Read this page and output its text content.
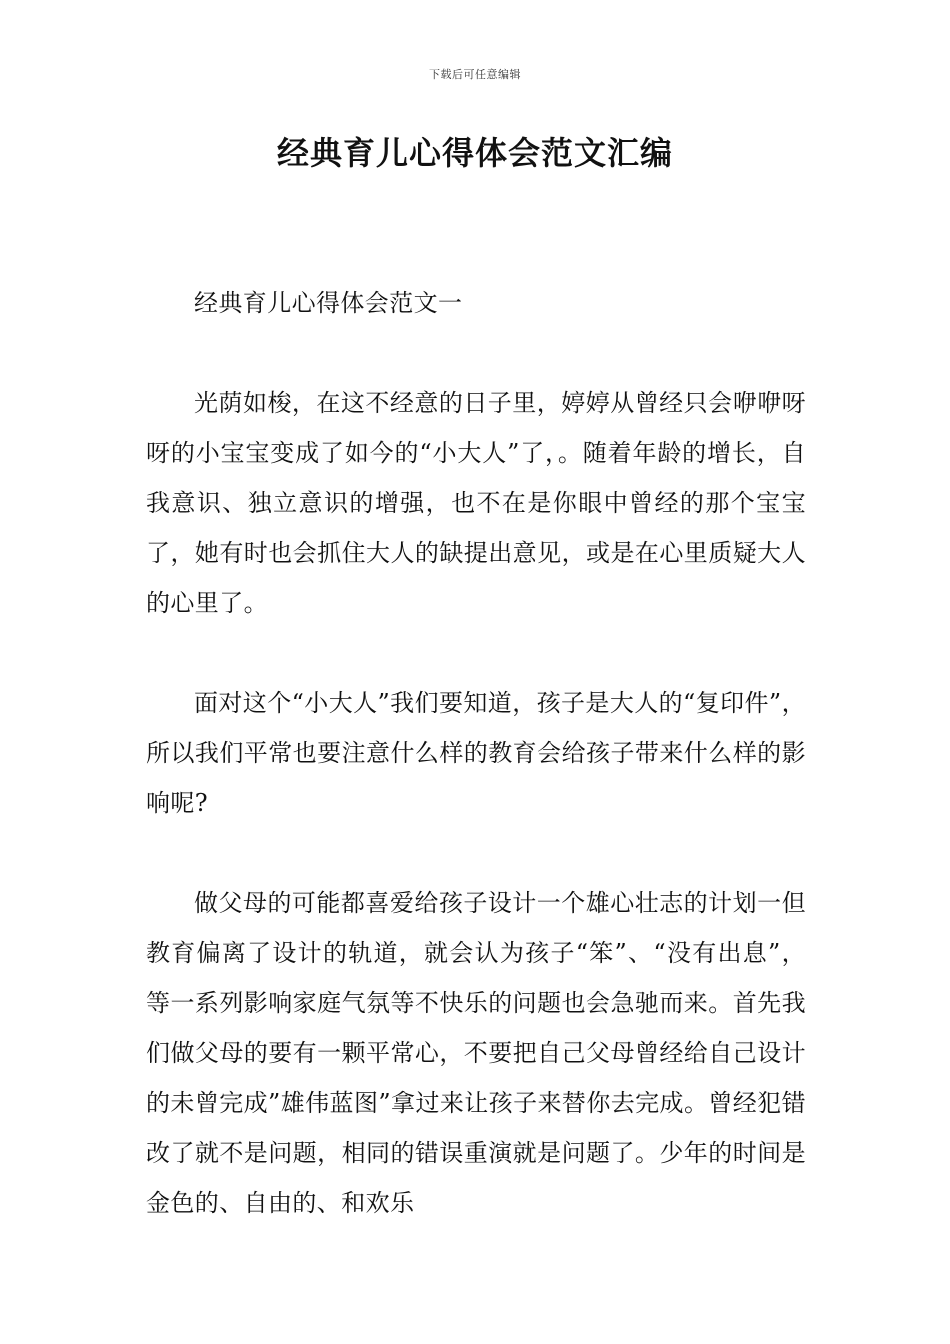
下载后可任意编辑
经典育儿心得体会范文汇编

经典育儿心得体会范文一

光荫如梭，在这不经意的日子里，婷婷从曾经只会咿咿呀呀的小宝宝变成了如今的“小大人”了，。随着年龄的增长，自我意识、独立意识的增强，也不在是你眼中曾经的那个宝宝了，她有时也会抓住大人的缺提出意见，或是在心里质疑大人的心里了。

面对这个“小大人”我们要知道，孩子是大人的“复印件”，所以我们平常也要注意什么样的教育会给孩子带来什么样的影响呢?

做父母的可能都喜爱给孩子设计一个雄心壮志的计划一但教育偏离了设计的轨道，就会认为孩子“笨”、“没有出息”，等一系列影响家庭气氛等不快乐的问题也会急驰而来。首先我们做父母的要有一颗平常心，不要把自己父母曾经给自己设计的未曾完成”雄伟蓝图”拿过来让孩子来替你去完成。曾经犯错改了就不是问题，相同的错误重演就是问题了。少年的时间是金色的、自由的、和欢乐
